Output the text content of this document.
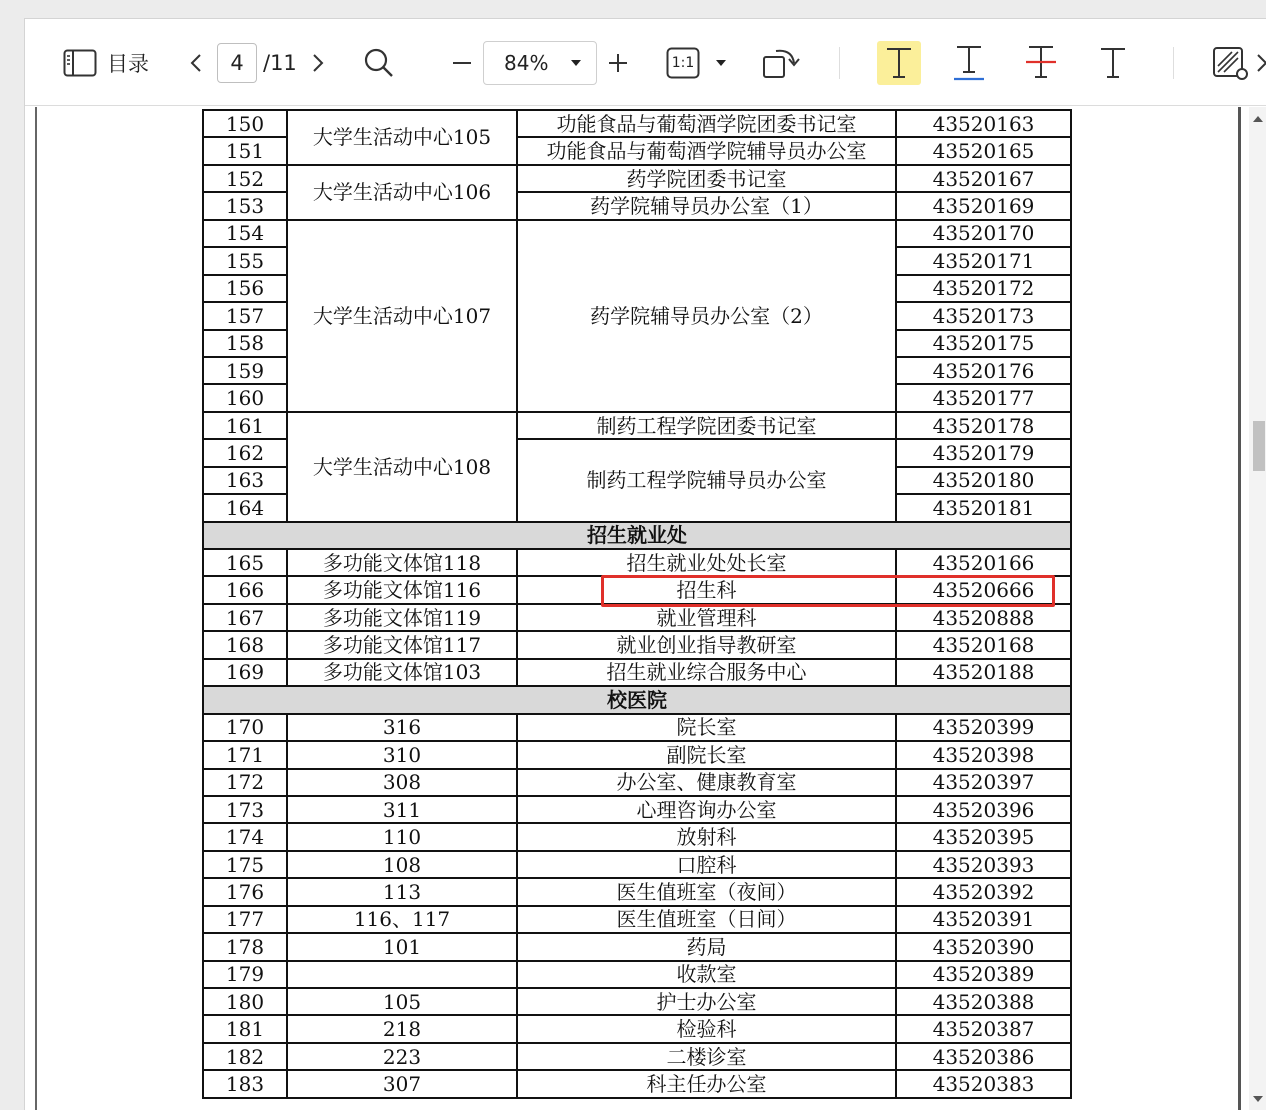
目录	4 /11	84%	1:1
150	大学生活动中心105	功能食品与葡萄酒学院团委书记室	43520163
151		功能食品与葡萄酒学院辅导员办公室	43520165
152	大学生活动中心106	药学院团委书记室	43520167
153		药学院辅导员办公室（1）	43520169
154	大学生活动中心107	药学院辅导员办公室（2）	43520170
155			43520171
156			43520172
157			43520173
158			43520175
159			43520176
160			43520177
161	大学生活动中心108	制药工程学院团委书记室	43520178
162		制药工程学院辅导员办公室	43520179
163			43520180
164			43520181
招生就业处			
165	多功能文体馆118	招生就业处处长室	43520166
166	多功能文体馆116	招生科	43520666
167	多功能文体馆119	就业管理科	43520888
168	多功能文体馆117	就业创业指导教研室	43520168
169	多功能文体馆103	招生就业综合服务中心	43520188
校医院			
170	316	院长室	43520399
171	310	副院长室	43520398
172	308	办公室、健康教育室	43520397
173	311	心理咨询办公室	43520396
174	110	放射科	43520395
175	108	口腔科	43520393
176	113	医生值班室（夜间）	43520392
177	116、117	医生值班室（日间）	43520391
178	101	药局	43520390
179		收款室	43520389
180	105	护士办公室	43520388
181	218	检验科	43520387
182	223	二楼诊室	43520386
183	307	科主任办公室	43520383
